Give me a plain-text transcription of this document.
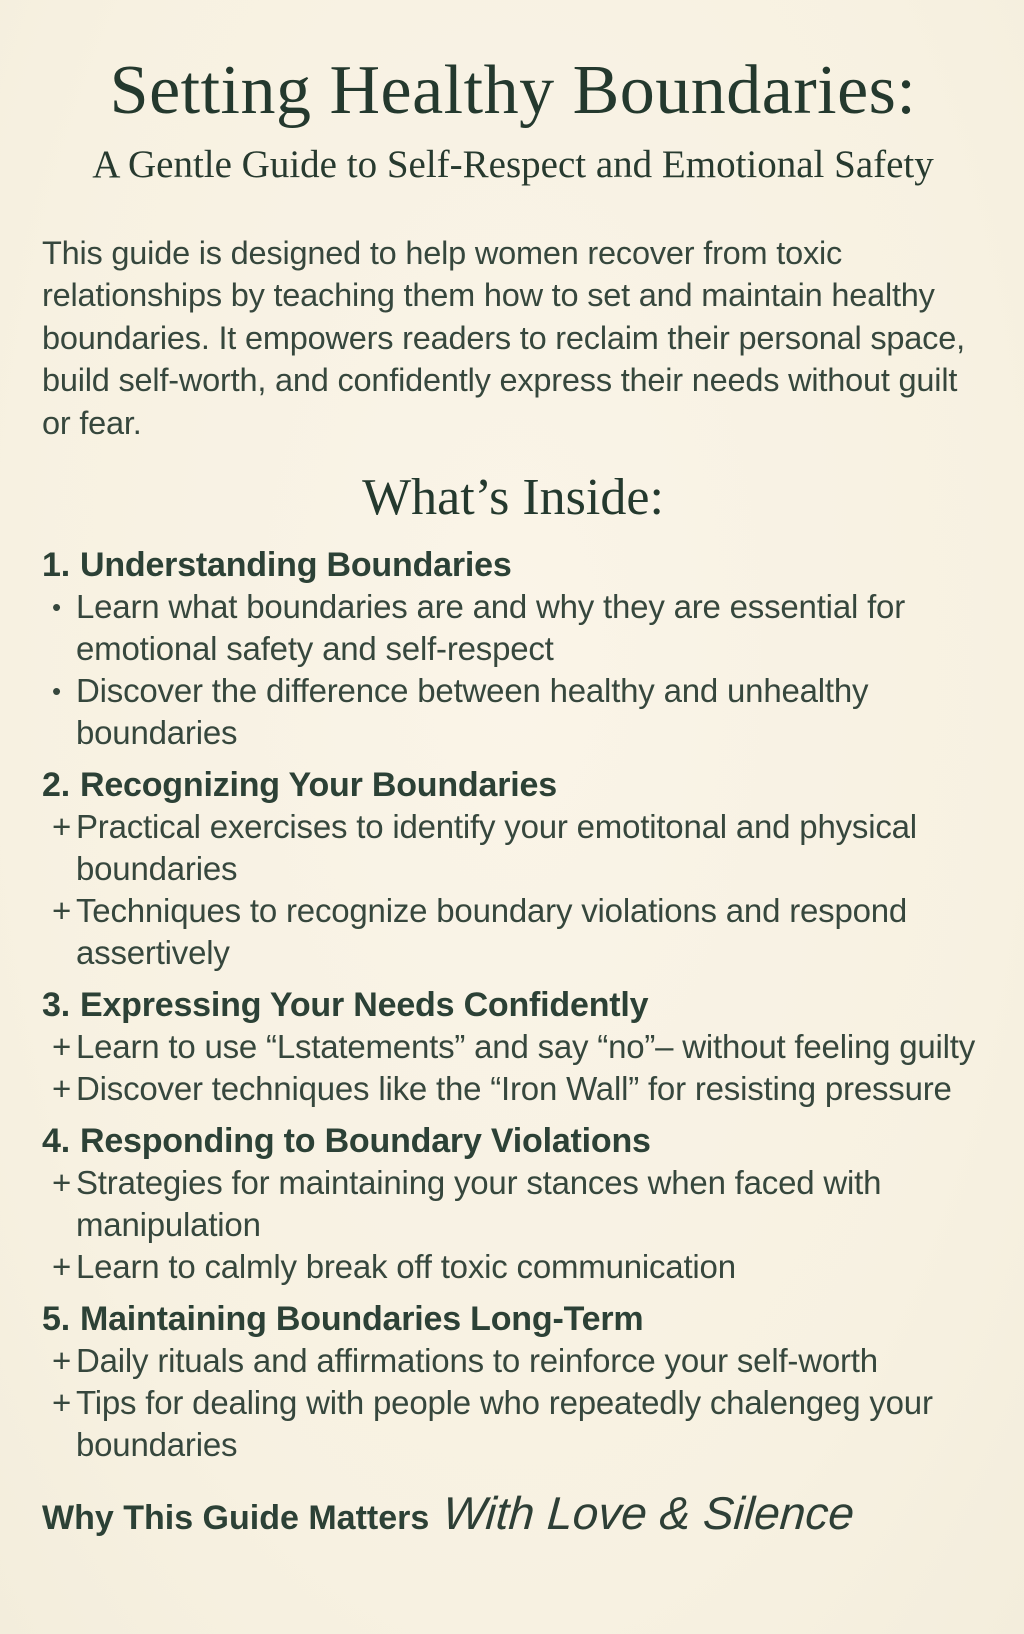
Setting Healthy Boundaries:
A Gentle Guide to Self-Respect and Emotional Safety

This guide is designed to help women recover from toxic relationships by teaching them how to set and maintain healthy boundaries. It empowers readers to reclaim their personal space, build self-worth, and confidently express their needs without guilt or fear.

What’s Inside:
1. Understanding Boundaries
• Learn what boundaries are and why they are essential for emotional safety and self-respect
• Discover the difference between healthy and unhealthy boundaries
2. Recognizing Your Boundaries
+ Practical exercises to identify your emotitonal and physical boundaries
+ Techniques to recognize boundary violations and respond assertively
3. Expressing Your Needs Confidently
+ Learn to use “Lstatements” and say “no”– without feeling guilty
+ Discover techniques like the “Iron Wall” for resisting pressure
4. Responding to Boundary Violations
+ Strategies for maintaining your stances when faced with manipulation
+ Learn to calmly break off toxic communication
5. Maintaining Boundaries Long-Term
+ Daily rituals and affirmations to reinforce your self-worth
+ Tips for dealing with people who repeatedly chalengeg your boundaries
Why This Guide Matters With Love & Silence
